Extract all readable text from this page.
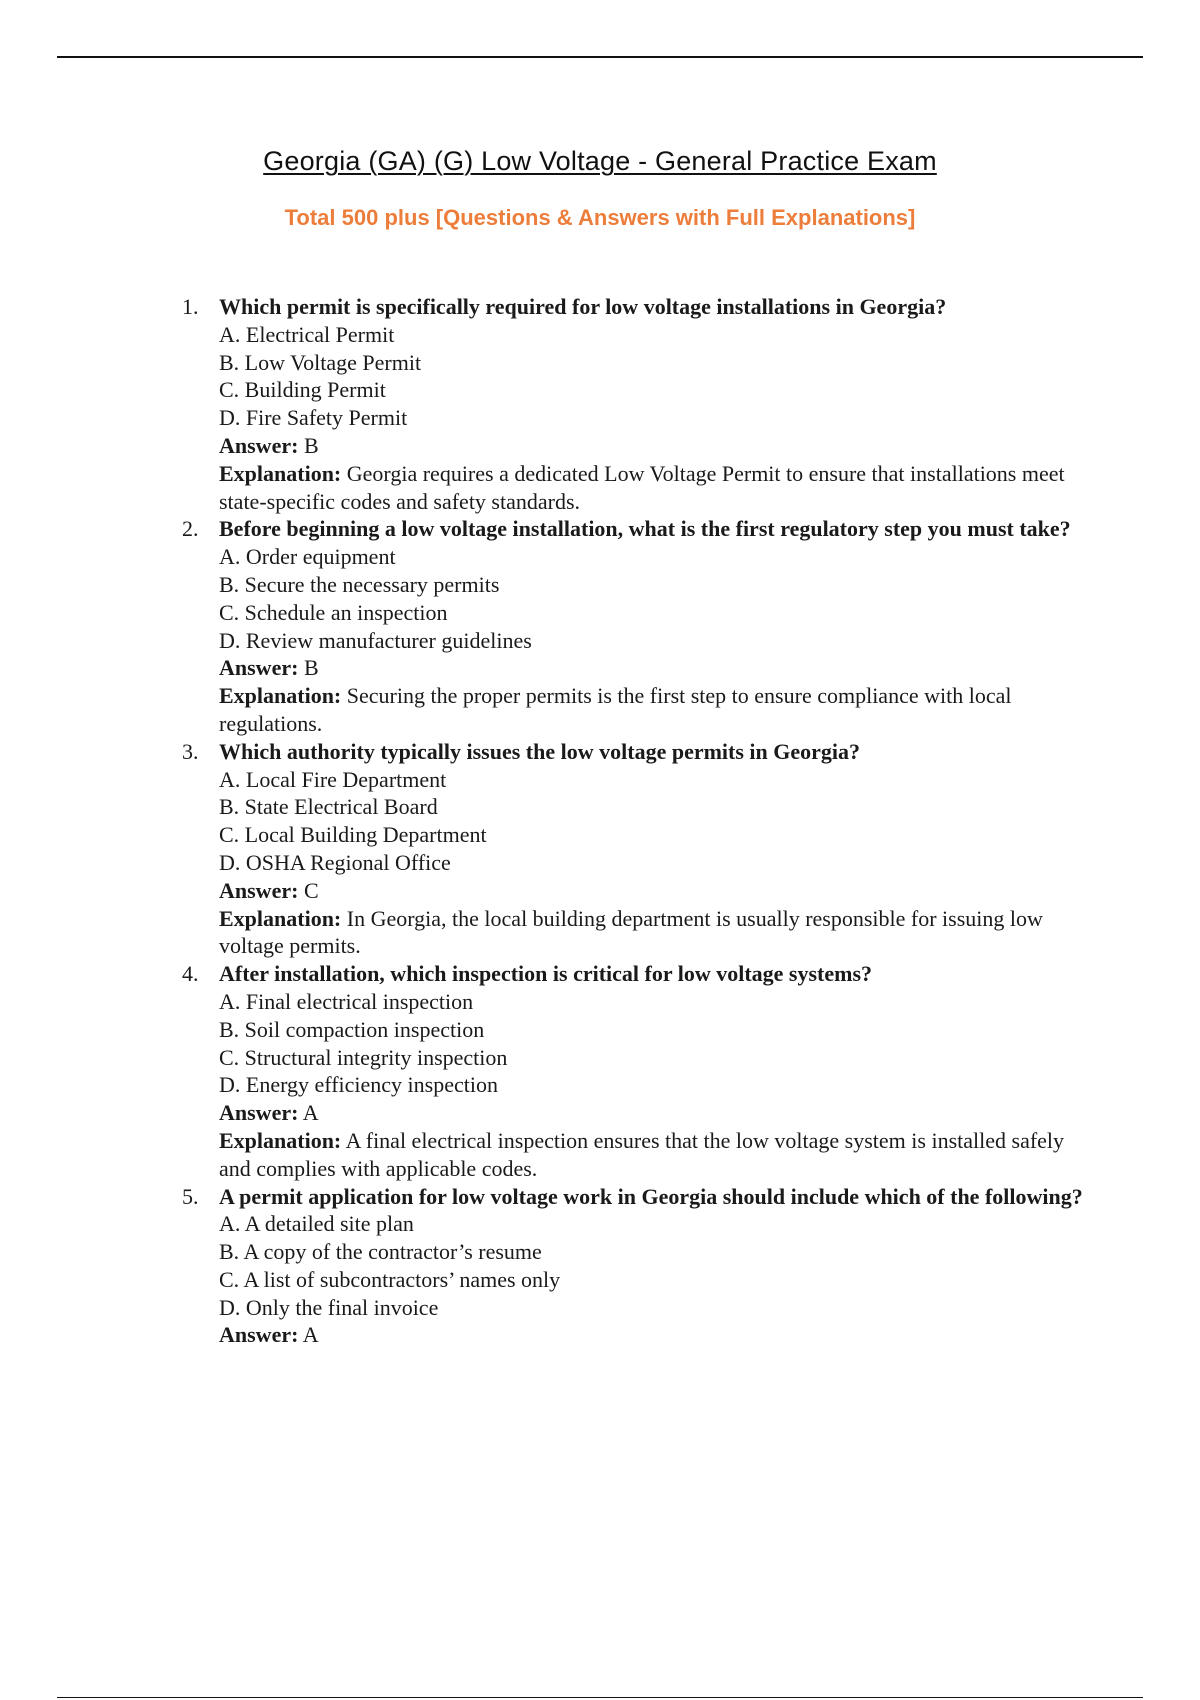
Georgia (GA) (G) Low Voltage - General Practice Exam
Total 500 plus [Questions & Answers with Full Explanations]
1. Which permit is specifically required for low voltage installations in Georgia?
A. Electrical Permit
B. Low Voltage Permit
C. Building Permit
D. Fire Safety Permit
Answer: B
Explanation: Georgia requires a dedicated Low Voltage Permit to ensure that installations meet state-specific codes and safety standards.
2. Before beginning a low voltage installation, what is the first regulatory step you must take?
A. Order equipment
B. Secure the necessary permits
C. Schedule an inspection
D. Review manufacturer guidelines
Answer: B
Explanation: Securing the proper permits is the first step to ensure compliance with local regulations.
3. Which authority typically issues the low voltage permits in Georgia?
A. Local Fire Department
B. State Electrical Board
C. Local Building Department
D. OSHA Regional Office
Answer: C
Explanation: In Georgia, the local building department is usually responsible for issuing low voltage permits.
4. After installation, which inspection is critical for low voltage systems?
A. Final electrical inspection
B. Soil compaction inspection
C. Structural integrity inspection
D. Energy efficiency inspection
Answer: A
Explanation: A final electrical inspection ensures that the low voltage system is installed safely and complies with applicable codes.
5. A permit application for low voltage work in Georgia should include which of the following?
A. A detailed site plan
B. A copy of the contractor’s resume
C. A list of subcontractors’ names only
D. Only the final invoice
Answer: A
